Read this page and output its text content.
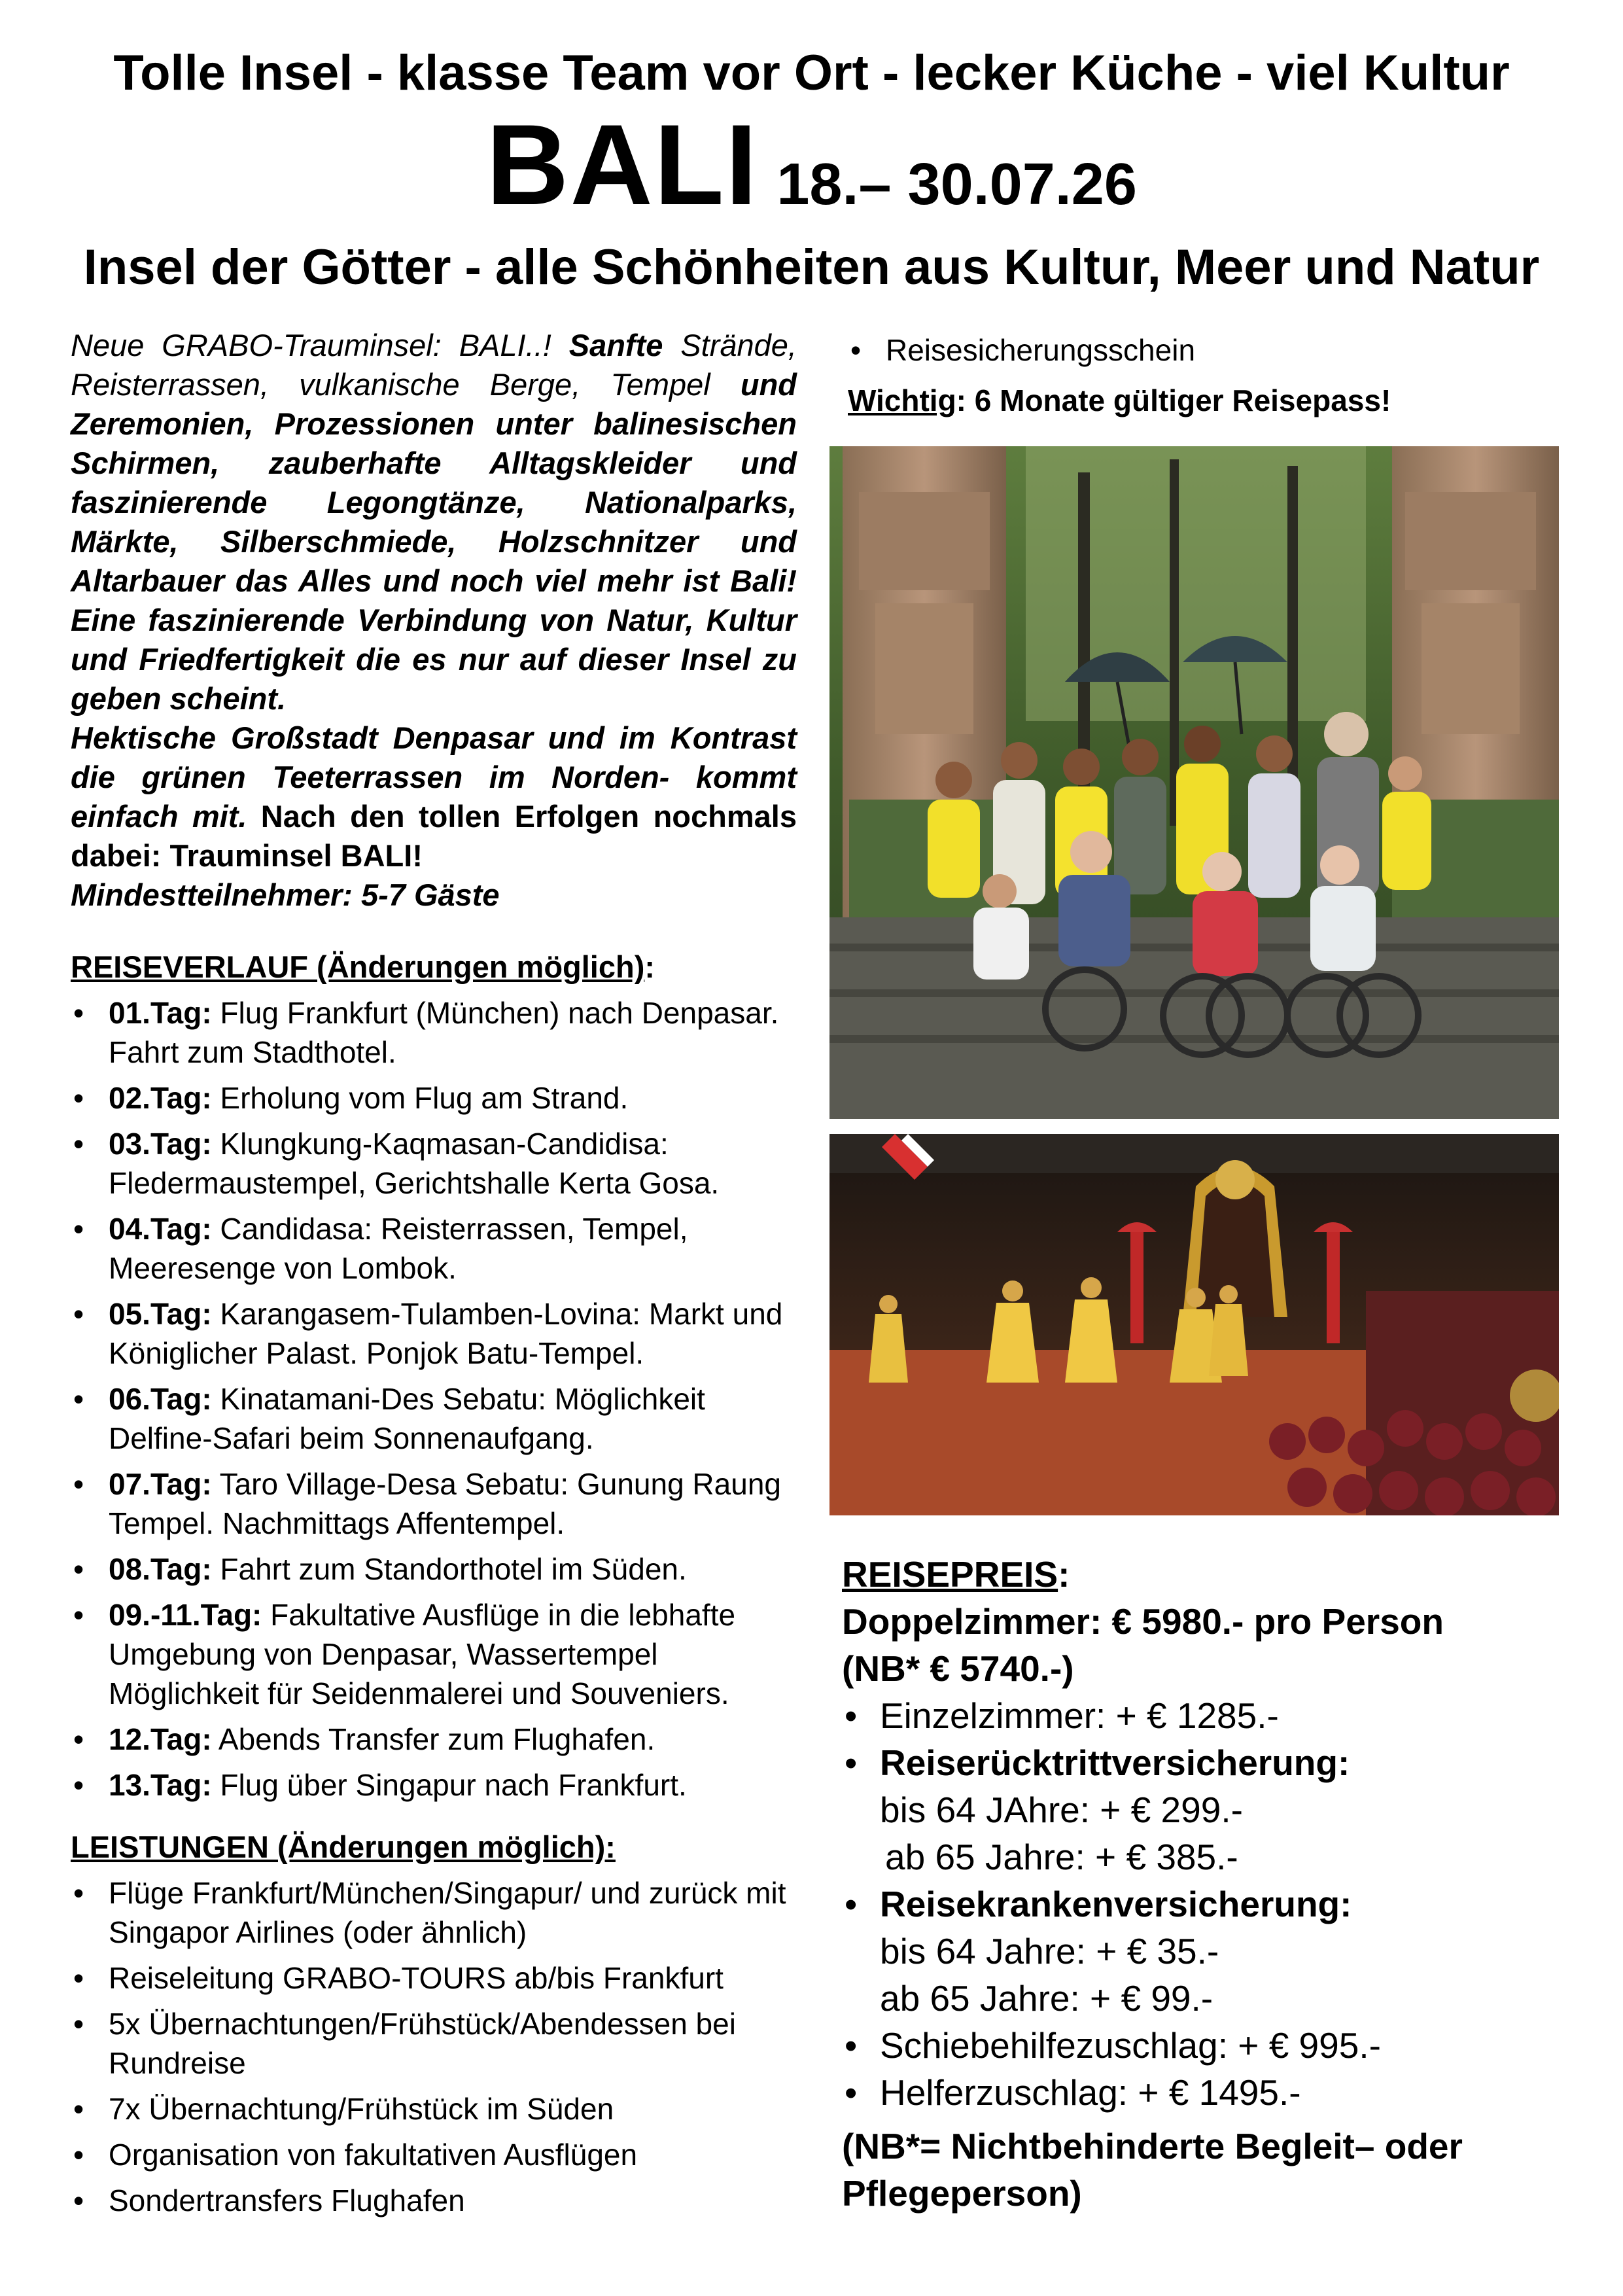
Tolle Insel - klasse Team vor Ort - lecker Küche - viel Kultur
BALI 18.– 30.07.26
Insel der Götter - alle Schönheiten aus Kultur, Meer und Natur

Neue GRABO-Trauminsel: BALI..! Sanfte Strände, Reisterrassen, vulkanische Berge, Tempel und Zeremonien, Prozessionen unter balinesischen Schirmen, zauberhafte Alltagskleider und faszinierende Legongtänze, Nationalparks, Märkte, Silberschmiede, Holzschnitzer und Altarbauer das Alles und noch viel mehr ist Bali! Eine faszinierende Verbindung von Natur, Kultur und Friedfertigkeit die es nur auf dieser Insel zu geben scheint.

Hektische Großstadt Denpasar und im Kontrast die grünen Teeterrassen im Norden- kommt einfach mit. Nach den tollen Erfolgen nochmals dabei: Trauminsel BALI!

Mindestteilnehmer: 5-7 Gäste

REISEVERLAUF (Änderungen möglich):
• 01.Tag: Flug Frankfurt (München) nach Denpasar. Fahrt zum Stadthotel.
• 02.Tag: Erholung vom Flug am Strand.
• 03.Tag: Klungkung-Kaqmasan-Candidisa: Fledermaustempel, Gerichtshalle Kerta Gosa.
• 04.Tag: Candidasa: Reisterrassen, Tempel, Meeresenge von Lombok.
• 05.Tag: Karangasem-Tulamben-Lovina: Markt und Königlicher Palast. Ponjok Batu-Tempel.
• 06.Tag: Kinatamani-Des Sebatu: Möglichkeit Delfine-Safari beim Sonnenaufgang.
• 07.Tag: Taro Village-Desa Sebatu: Gunung Raung Tempel. Nachmittags Affentempel.
• 08.Tag: Fahrt zum Standorthotel im Süden.
• 09.-11.Tag: Fakultative Ausflüge in die lebhafte Umgebung von Denpasar, Wassertempel Möglichkeit für Seidenmalerei und Souveniers.
• 12.Tag: Abends Transfer zum Flughafen.
• 13.Tag: Flug über Singapur nach Frankfurt.
LEISTUNGEN (Änderungen möglich):
• Flüge Frankfurt/München/Singapur/ und zurück mit Singapor Airlines (oder ähnlich)
• Reiseleitung GRABO-TOURS ab/bis Frankfurt
• 5x Übernachtungen/Frühstück/Abendessen bei Rundreise
• 7x Übernachtung/Frühstück im Süden
• Organisation von fakultativen Ausflügen
• Sondertransfers Flughafen
• Reisesicherungsschein
Wichtig: 6 Monate gültiger Reisepass!
REISEPREIS:
Doppelzimmer: € 5980.- pro Person
(NB* € 5740.-)
• Einzelzimmer: + € 1285.-
• Reiserücktrittversicherung:
bis 64 JAhre: + € 299.-
ab 65 Jahre: + € 385.-
• Reisekrankenversicherung:
bis 64 Jahre: + € 35.-
ab 65 Jahre: + € 99.-
• Schiebehilfezuschlag: + € 995.-
• Helferzuschlag: + € 1495.-
(NB*= Nichtbehinderte Begleit– oder Pflegeperson)
